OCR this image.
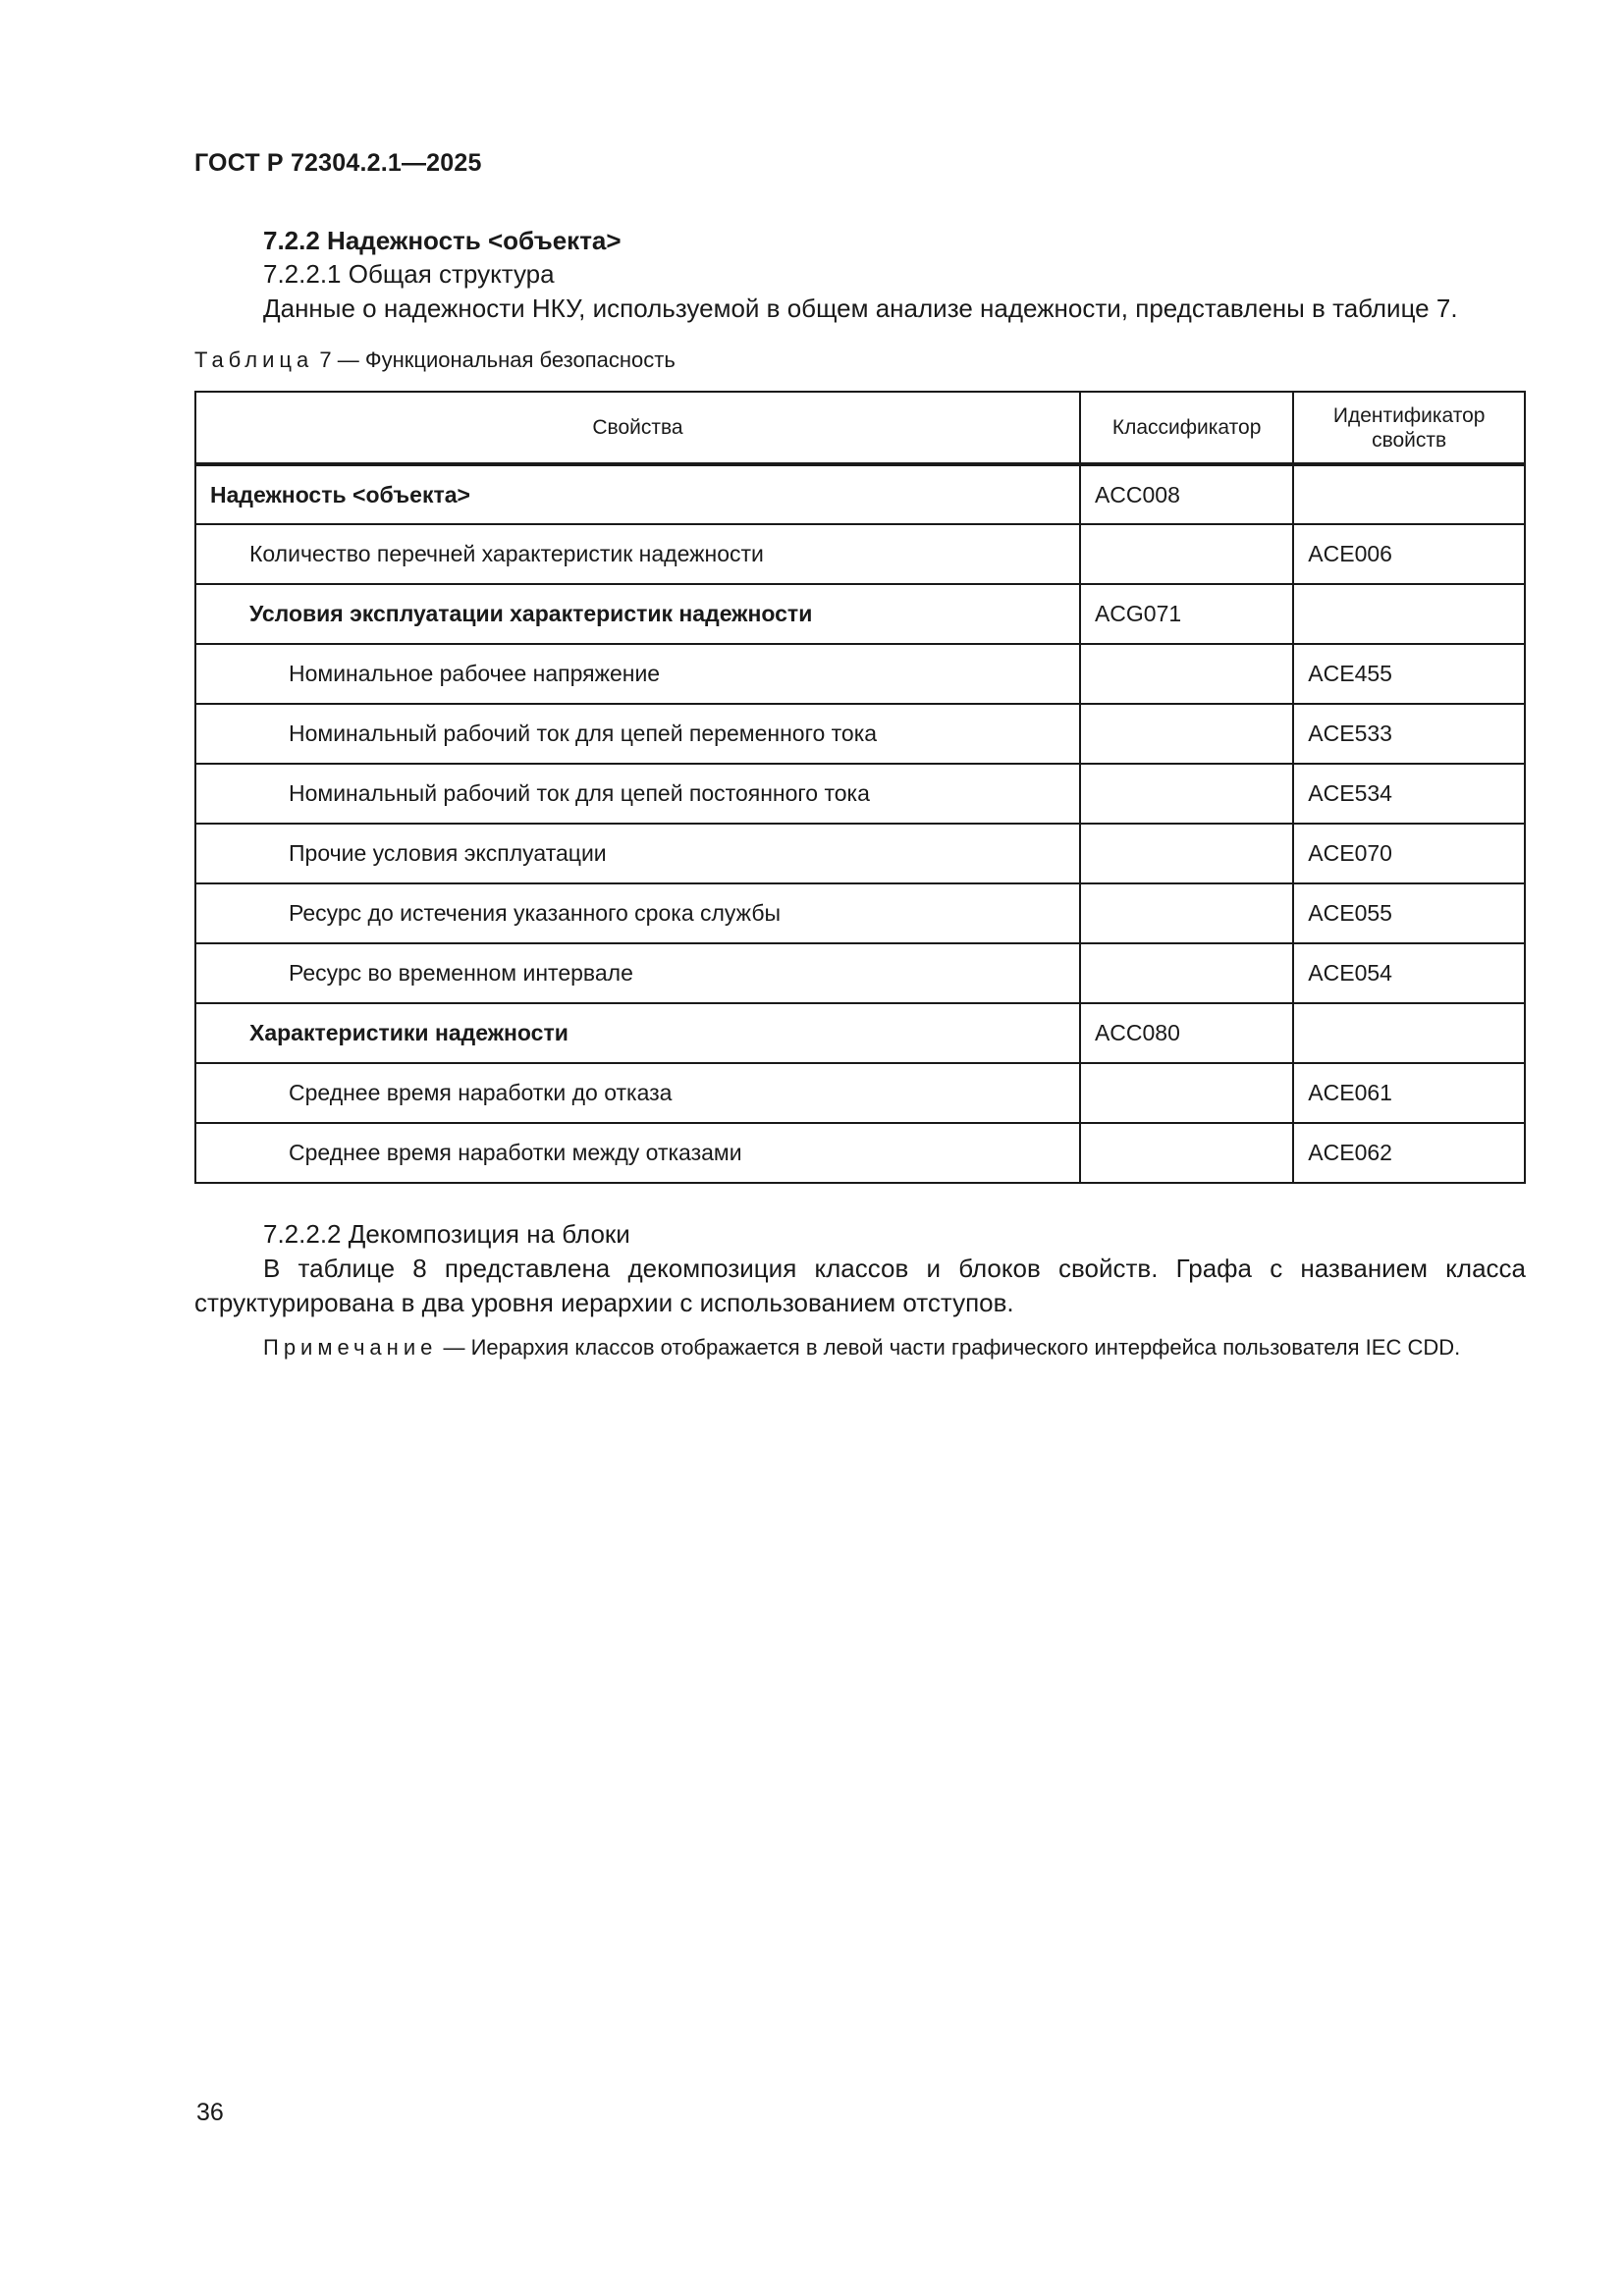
ГОСТ Р 72304.2.1—2025

7.2.2 Надежность <объекта>

7.2.2.1 Общая структура

Данные о надежности НКУ, используемой в общем анализе надежности, представлены в таблице 7.

Таблица 7 — Функциональная безопасность

Свойства	Классификатор	Идентификатор свойств
Надежность <объекта>	ACC008	
Количество перечней характеристик надежности		ACE006
Условия эксплуатации характеристик надежности	ACG071	
Номинальное рабочее напряжение		ACE455
Номинальный рабочий ток для цепей переменного тока		ACE533
Номинальный рабочий ток для цепей постоянного тока		ACE534
Прочие условия эксплуатации		ACE070
Ресурс до истечения указанного срока службы		ACE055
Ресурс во временном интервале		ACE054
Характеристики надежности	ACC080	
Среднее время наработки до отказа		ACE061
Среднее время наработки между отказами		ACE062

7.2.2.2 Декомпозиция на блоки

В таблице 8 представлена декомпозиция классов и блоков свойств. Графа с названием класса структурирована в два уровня иерархии с использованием отступов.

Примечание — Иерархия классов отображается в левой части графического интерфейса пользователя IEC CDD.

36
